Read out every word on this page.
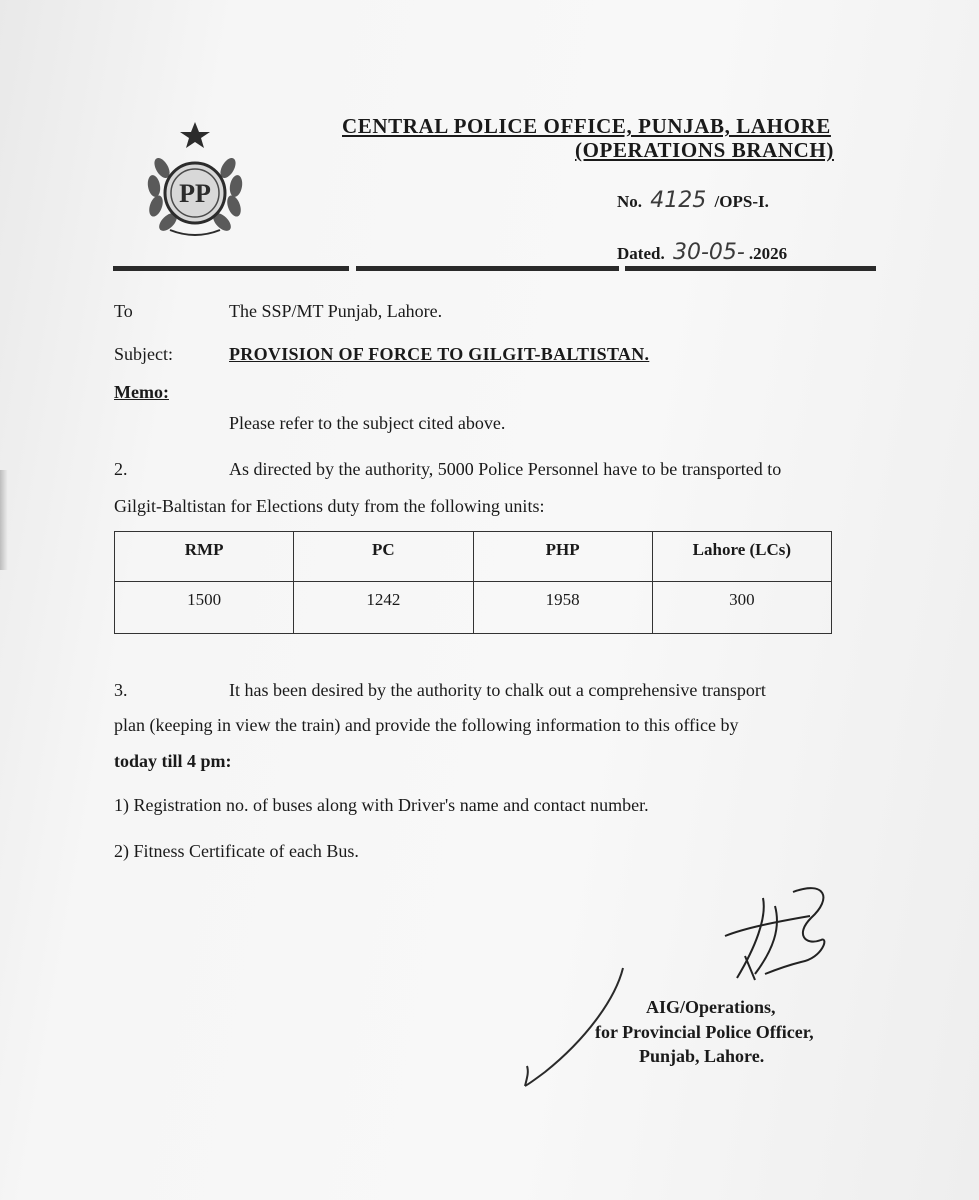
PP
CENTRAL POLICE OFFICE, PUNJAB, LAHORE
(OPERATIONS BRANCH)
No. 4125 /OPS-I.
Dated. 30-05- .2026
To	The SSP/MT Punjab, Lahore.
Subject:	PROVISION OF FORCE TO GILGIT-BALTISTAN.
Memo:
Please refer to the subject cited above.
2.	As directed by the authority, 5000 Police Personnel have to be transported to
Gilgit-Baltistan for Elections duty from the following units:
RMP	PC	PHP	Lahore (LCs)
1500	1242	1958	300
3.	It has been desired by the authority to chalk out a comprehensive transport
plan (keeping in view the train) and provide the following information to this office by
today till 4 pm:
1) Registration no. of buses along with Driver's name and contact number.
2) Fitness Certificate of each Bus.
AIG/Operations,
for Provincial Police Officer,
Punjab, Lahore.
